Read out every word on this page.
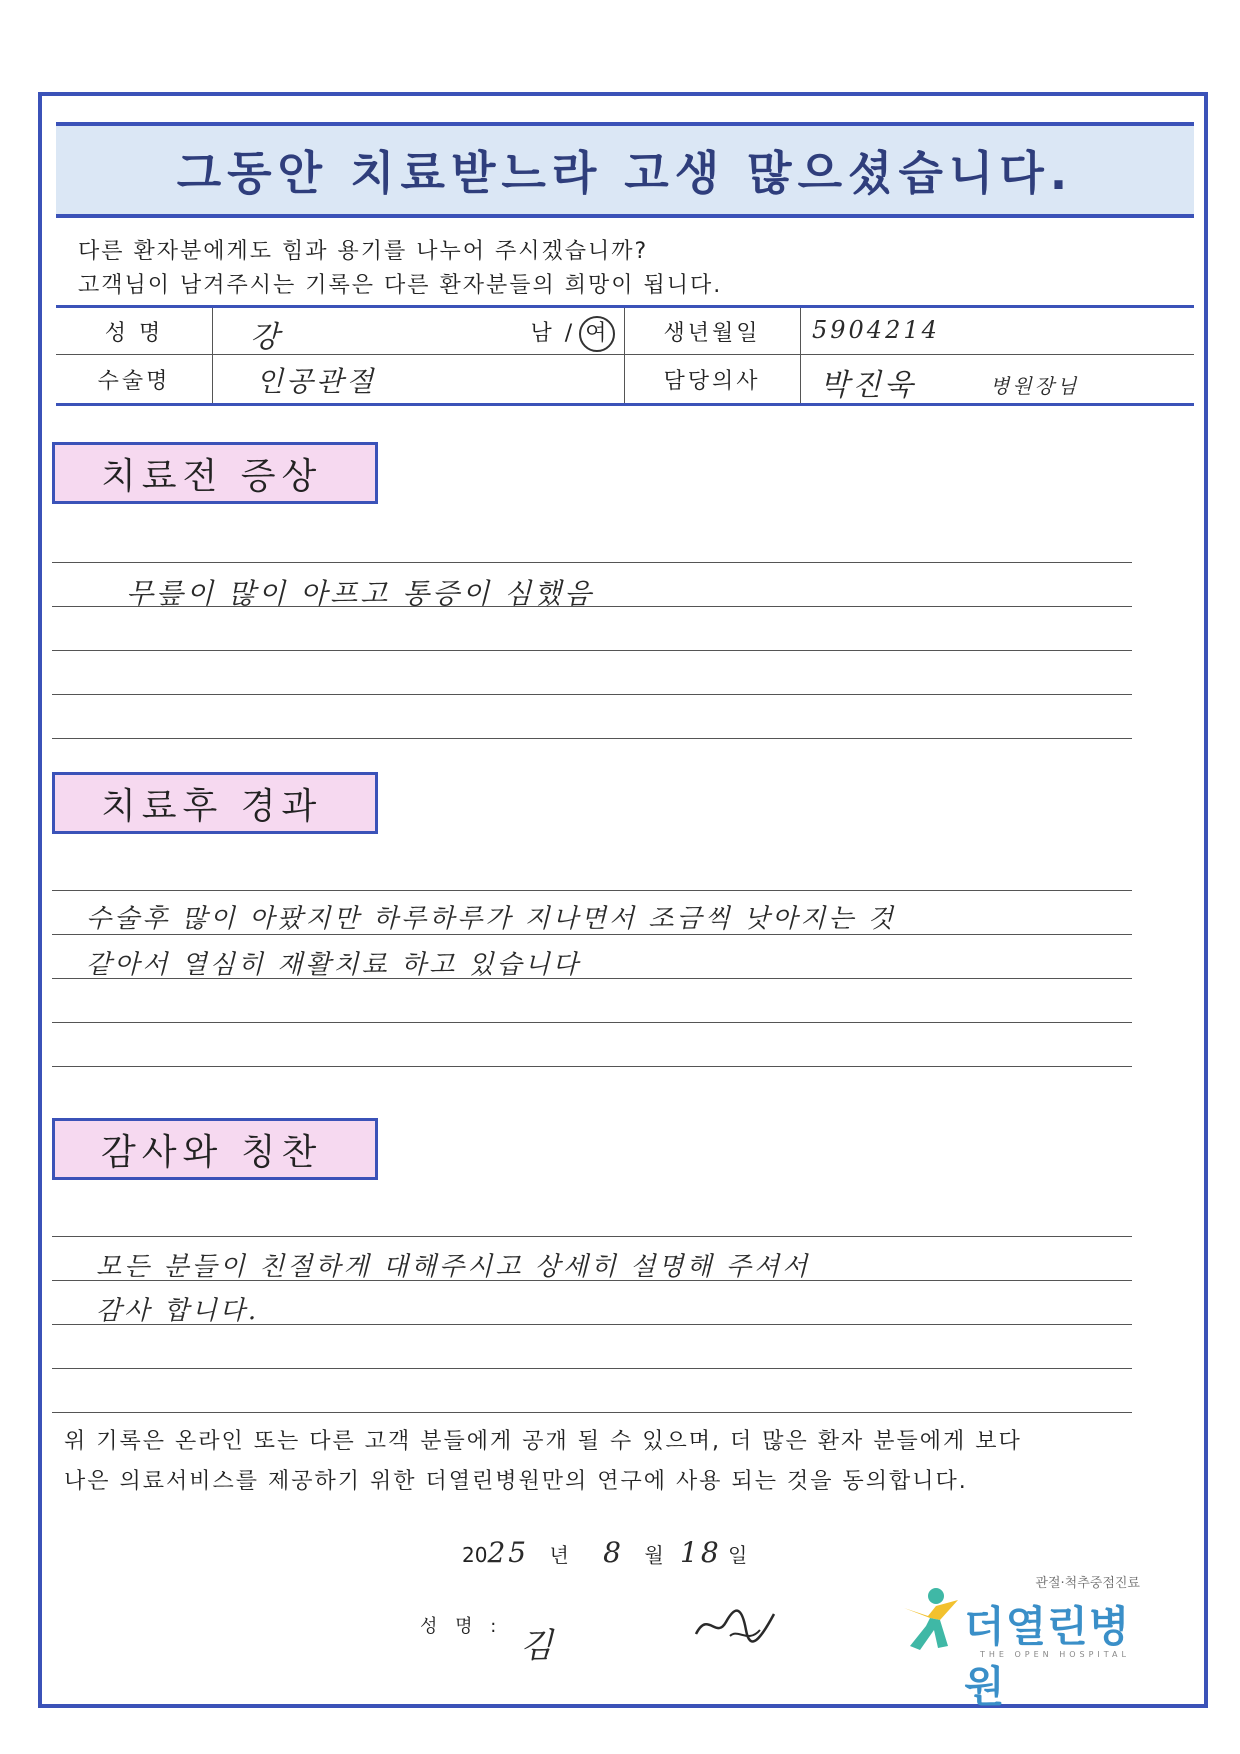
그동안 치료받느라 고생 많으셨습니다.
다른 환자분에게도 힘과 용기를 나누어 주시겠습니까?
고객님이 남겨주시는 기록은 다른 환자분들의 희망이 됩니다.
성 명	강	남 / 여	생년월일	5904214
수술명	인공관절	담당의사	박진욱	병원장님
치료전 증상
무릎이 많이 아프고 통증이 심했음
치료후 경과
수술후 많이 아팠지만 하루하루가 지나면서 조금씩 낫아지는 것
같아서 열심히 재활치료 하고 있습니다
감사와 칭찬
모든 분들이 친절하게 대해주시고 상세히 설명해 주셔서
감사 합니다.
위 기록은 온라인 또는 다른 고객 분들에게 공개 될 수 있으며, 더 많은 환자 분들에게 보다
나은 의료서비스를 제공하기 위한 더열린병원만의 연구에 사용 되는 것을 동의합니다.
2025 년 8 월 18 일
성 명 : 김
관절·척추중점진료
더열린병원
THE OPEN HOSPITAL
